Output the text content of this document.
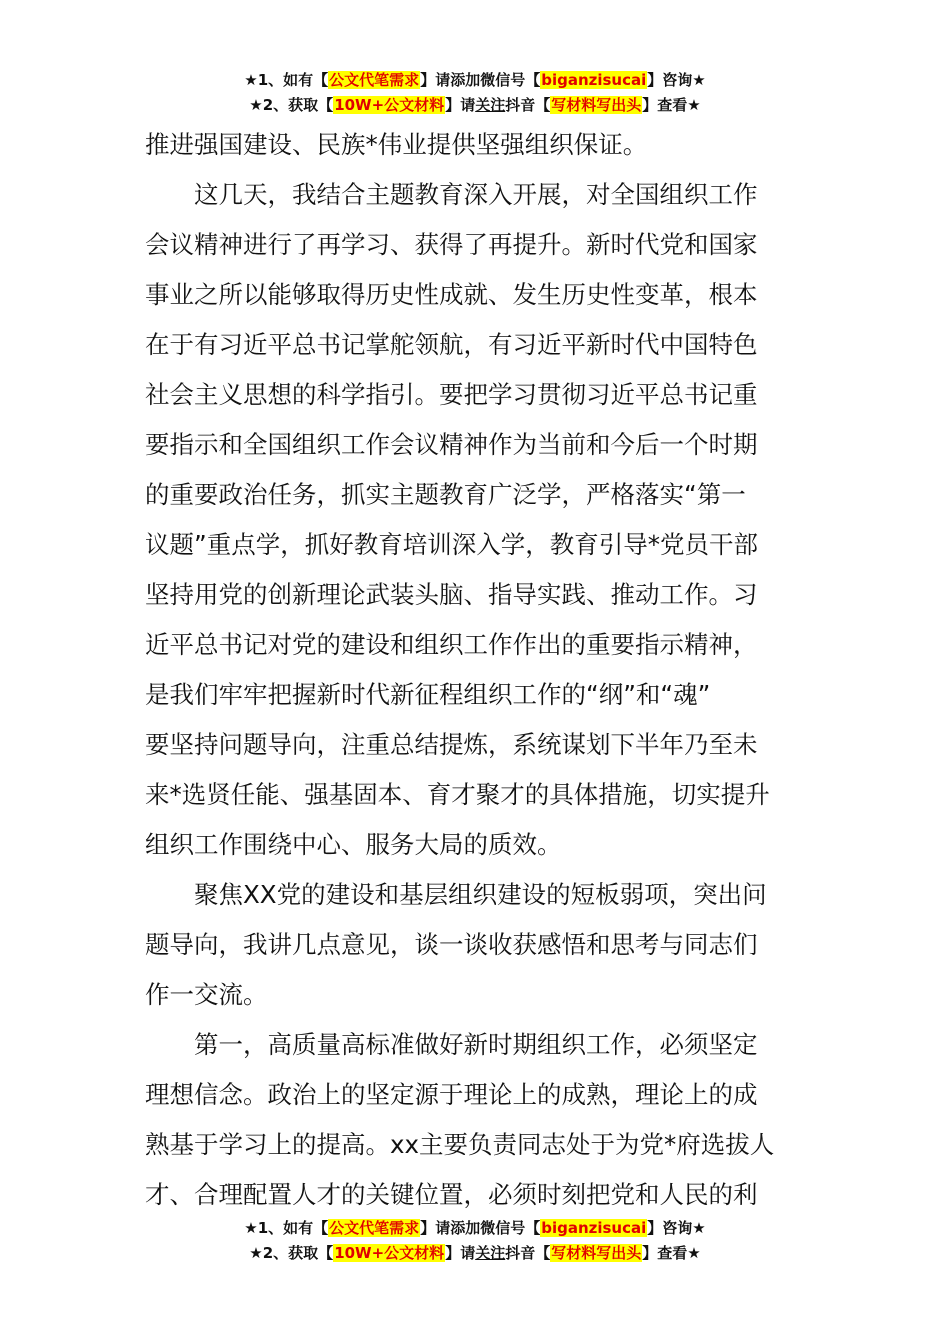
★1、如有【公文代笔需求】请添加微信号【biganzisucai】咨询★
★2、获取【10W+公文材料】请关注抖音【写材料写出头】查看★
推进强国建设、民族*伟业提供坚强组织保证。
这几天，我结合主题教育深入开展，对全国组织工作
会议精神进行了再学习、获得了再提升。新时代党和国家
事业之所以能够取得历史性成就、发生历史性变革，根本
在于有习近平总书记掌舵领航，有习近平新时代中国特色
社会主义思想的科学指引。要把学习贯彻习近平总书记重
要指示和全国组织工作会议精神作为当前和今后一个时期
的重要政治任务，抓实主题教育广泛学，严格落实“第一
议题”重点学，抓好教育培训深入学，教育引导*党员干部
坚持用党的创新理论武装头脑、指导实践、推动工作。习
近平总书记对党的建设和组织工作作出的重要指示精神，
是我们牢牢把握新时代新征程组织工作的“纲”和“魂”
要坚持问题导向，注重总结提炼，系统谋划下半年乃至未
来*选贤任能、强基固本、育才聚才的具体措施，切实提升
组织工作围绕中心、服务大局的质效。
聚焦XX党的建设和基层组织建设的短板弱项，突出问
题导向，我讲几点意见，谈一谈收获感悟和思考与同志们
作一交流。
第一，高质量高标准做好新时期组织工作，必须坚定
理想信念。政治上的坚定源于理论上的成熟，理论上的成
熟基于学习上的提高。xx主要负责同志处于为党*府选拔人
才、合理配置人才的关键位置，必须时刻把党和人民的利
★1、如有【公文代笔需求】请添加微信号【biganzisucai】咨询★
★2、获取【10W+公文材料】请关注抖音【写材料写出头】查看★
